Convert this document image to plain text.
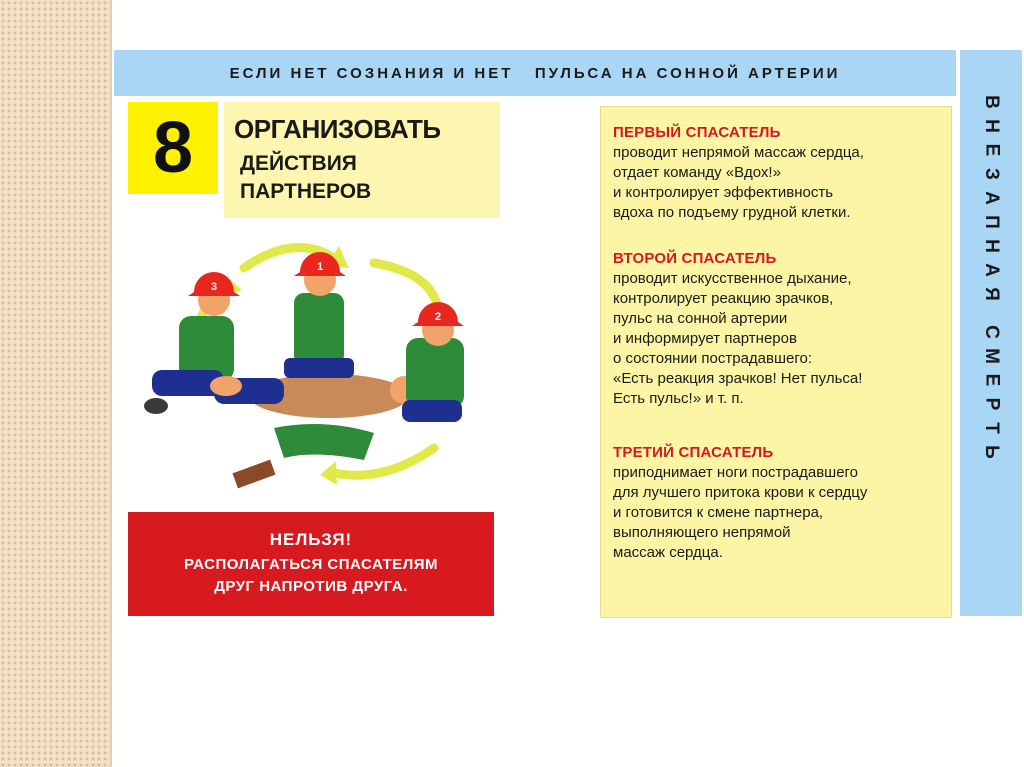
ЕСЛИ НЕТ СОЗНАНИЯ И НЕТ   ПУЛЬСА НА СОННОЙ АРТЕРИИ
В
Н
Е
З
А
П
Н
А
Я
С
М
Е
Р
Т
Ь
8 ОРГАНИЗОВАТЬ
ДЕЙСТВИЯ
ПАРТНЕРОВ
1
2
3
НЕЛЬЗЯ!
РАСПОЛАГАТЬСЯ СПАСАТЕЛЯМ
ДРУГ НАПРОТИВ ДРУГА.
ПЕРВЫЙ СПАСАТЕЛЬ
проводит непрямой массаж сердца,
отдает команду «Вдох!»
и контролирует эффективность
вдоха по подъему грудной клетки.
ВТОРОЙ СПАСАТЕЛЬ
проводит искусственное дыхание,
контролирует реакцию зрачков,
пульс на сонной артерии
и информирует партнеров
о состоянии пострадавшего:
«Есть реакция зрачков! Нет пульса!
Есть пульс!» и т. п.
ТРЕТИЙ СПАСАТЕЛЬ
приподнимает ноги пострадавшего
для лучшего притока крови к сердцу
и готовится к смене партнера,
выполняющего непрямой
массаж сердца.
